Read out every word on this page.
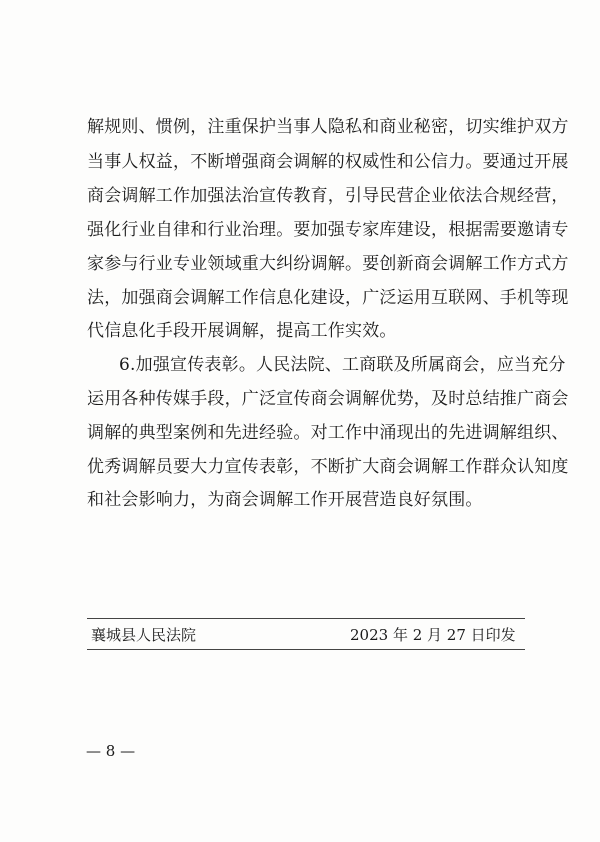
解规则、惯例，注重保护当事人隐私和商业秘密，切实维护双方
当事人权益，不断增强商会调解的权威性和公信力。要通过开展
商会调解工作加强法治宣传教育，引导民营企业依法合规经营，
强化行业自律和行业治理。要加强专家库建设，根据需要邀请专
家参与行业专业领域重大纠纷调解。要创新商会调解工作方式方
法，加强商会调解工作信息化建设，广泛运用互联网、手机等现
代信息化手段开展调解，提高工作实效。
6.加强宣传表彰。人民法院、工商联及所属商会，应当充分
运用各种传媒手段，广泛宣传商会调解优势，及时总结推广商会
调解的典型案例和先进经验。对工作中涌现出的先进调解组织、
优秀调解员要大力宣传表彰，不断扩大商会调解工作群众认知度
和社会影响力，为商会调解工作开展营造良好氛围。
襄城县人民法院	2023 年 2 月 27 日印发
— 8 —
